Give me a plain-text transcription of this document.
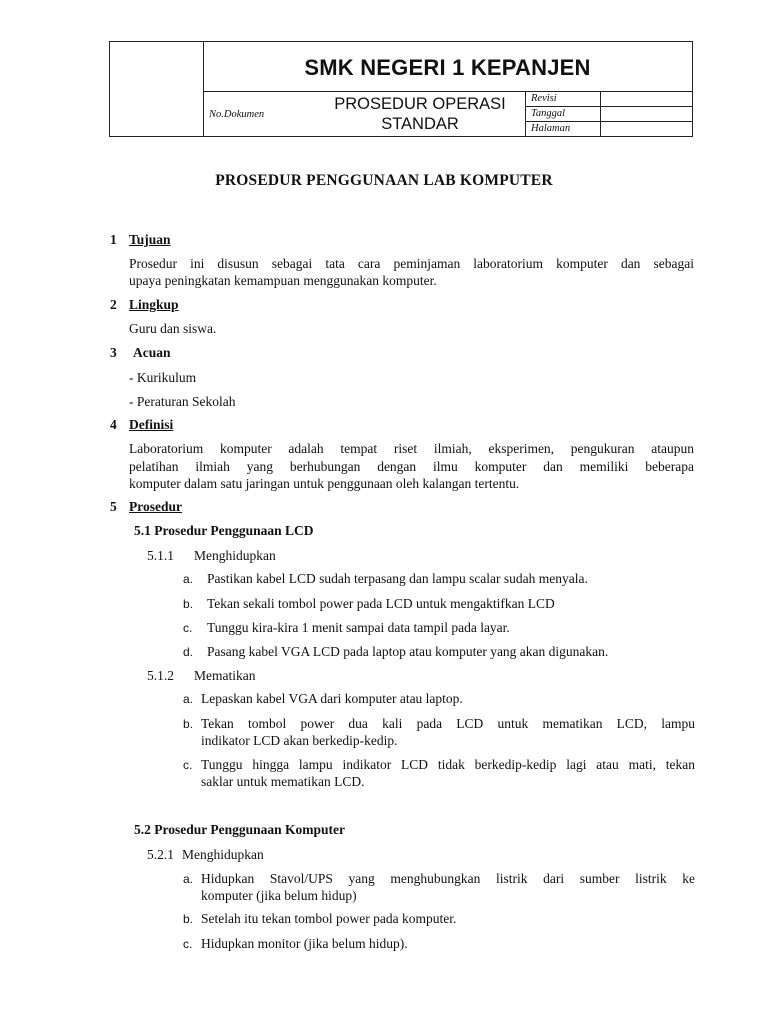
SMK NEGERI 1 KEPANJEN
No.Dokumen
PROSEDUR OPERASI
STANDAR
Revisi
Tanggal
Halaman
PROSEDUR PENGGUNAAN LAB KOMPUTER
1 Tujuan
Prosedur ini disusun sebagai tata cara peminjaman laboratorium komputer dan sebagai
upaya peningkatan kemampuan menggunakan komputer.
2 Lingkup
Guru dan siswa.
3 Acuan
- Kurikulum
- Peraturan Sekolah
4 Definisi
Laboratorium komputer adalah tempat riset ilmiah, eksperimen, pengukuran ataupun
pelatihan ilmiah yang berhubungan dengan ilmu komputer dan memiliki beberapa
komputer dalam satu jaringan untuk penggunaan oleh kalangan tertentu.
5 Prosedur
5.1 Prosedur Penggunaan LCD
5.1.1 Menghidupkan
a. Pastikan kabel LCD sudah terpasang dan lampu scalar sudah menyala.
b. Tekan sekali tombol power pada LCD untuk mengaktifkan LCD
c. Tunggu kira-kira 1 menit sampai data tampil pada layar.
d. Pasang kabel VGA LCD pada laptop atau komputer yang akan digunakan.
5.1.2 Mematikan
a. Lepaskan kabel VGA dari komputer atau laptop.
b. Tekan tombol power dua kali pada LCD untuk mematikan LCD, lampu
indikator LCD akan berkedip-kedip.
c. Tunggu hingga lampu indikator LCD tidak berkedip-kedip lagi atau mati, tekan
saklar untuk mematikan LCD.
5.2 Prosedur Penggunaan Komputer
5.2.1 Menghidupkan
a. Hidupkan Stavol/UPS yang menghubungkan listrik dari sumber listrik ke
komputer (jika belum hidup)
b. Setelah itu tekan tombol power pada komputer.
c. Hidupkan monitor (jika belum hidup).
